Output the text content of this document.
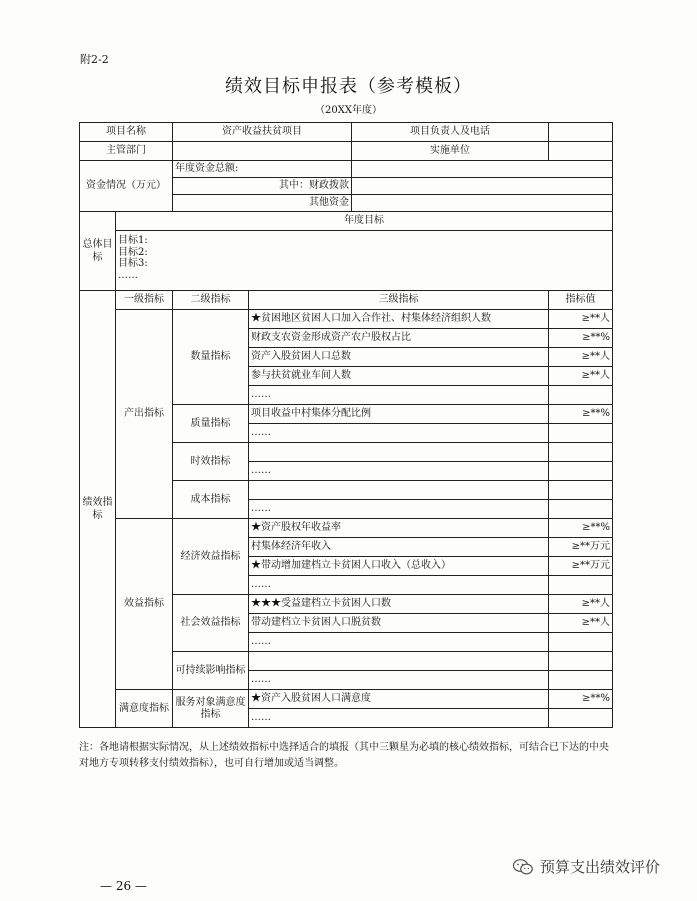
附2-2
绩效目标申报表（参考模板）
（20XX年度）
项目名称		资产收益扶贫项目		项目负责人及电话	
主管部门				实施单位	
资金情况（万元）		年度资金总额:			
		其中：财政拨款			
		其他资金			
总体目标	年度目标				

	目标1:
目标2:
目标3:
……				

绩效指标	一级指标	二级指标	三级指标		指标值
	产出指标	数量指标	★贫困地区贫困人口加入合作社、村集体经济组织人数		≥**人
			财政支农资金形成资产农户股权占比		≥**%
			资产入股贫困人口总数		≥**人
			参与扶贫就业车间人数		≥**人
			……		
		质量指标	项目收益中村集体分配比例		≥**%
			……		
		时效指标			
			……		
		成本指标			
			……		
	效益指标	经济效益指标	★资产股权年收益率		≥**%
			村集体经济年收入		≥**万元
			★带动增加建档立卡贫困人口收入（总收入）		≥**万元
			……		
		社会效益指标	★★★受益建档立卡贫困人口数		≥**人
			带动建档立卡贫困人口脱贫数		≥**人
			……		
		可持续影响指标			
			……		
	满意度指标	服务对象满意度指标	★资产入股贫困人口满意度		≥**%
			……		
注：各地请根据实际情况，从上述绩效指标中选择适合的填报（其中三颗星为必填的核心绩效指标，可结合已下达的中央对地方专项转移支付绩效指标），也可自行增加或适当调整。
— 26 —
预算支出绩效评价
